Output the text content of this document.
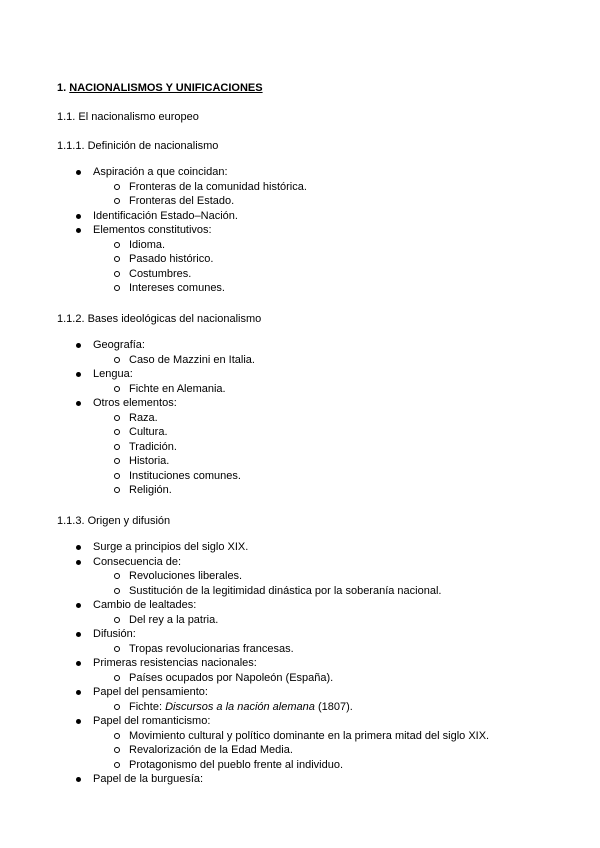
1. NACIONALISMOS Y UNIFICACIONES
1.1. El nacionalismo europeo
1.1.1. Definición de nacionalismo
Aspiración a que coincidan:
Fronteras de la comunidad histórica.
Fronteras del Estado.
Identificación Estado–Nación.
Elementos constitutivos:
Idioma.
Pasado histórico.
Costumbres.
Intereses comunes.
1.1.2. Bases ideológicas del nacionalismo
Geografía:
Caso de Mazzini en Italia.
Lengua:
Fichte en Alemania.
Otros elementos:
Raza.
Cultura.
Tradición.
Historia.
Instituciones comunes.
Religión.
1.1.3. Origen y difusión
Surge a principios del siglo XIX.
Consecuencia de:
Revoluciones liberales.
Sustitución de la legitimidad dinástica por la soberanía nacional.
Cambio de lealtades:
Del rey a la patria.
Difusión:
Tropas revolucionarias francesas.
Primeras resistencias nacionales:
Países ocupados por Napoleón (España).
Papel del pensamiento:
Fichte: Discursos a la nación alemana (1807).
Papel del romanticismo:
Movimiento cultural y político dominante en la primera mitad del siglo XIX.
Revalorización de la Edad Media.
Protagonismo del pueblo frente al individuo.
Papel de la burguesía:
